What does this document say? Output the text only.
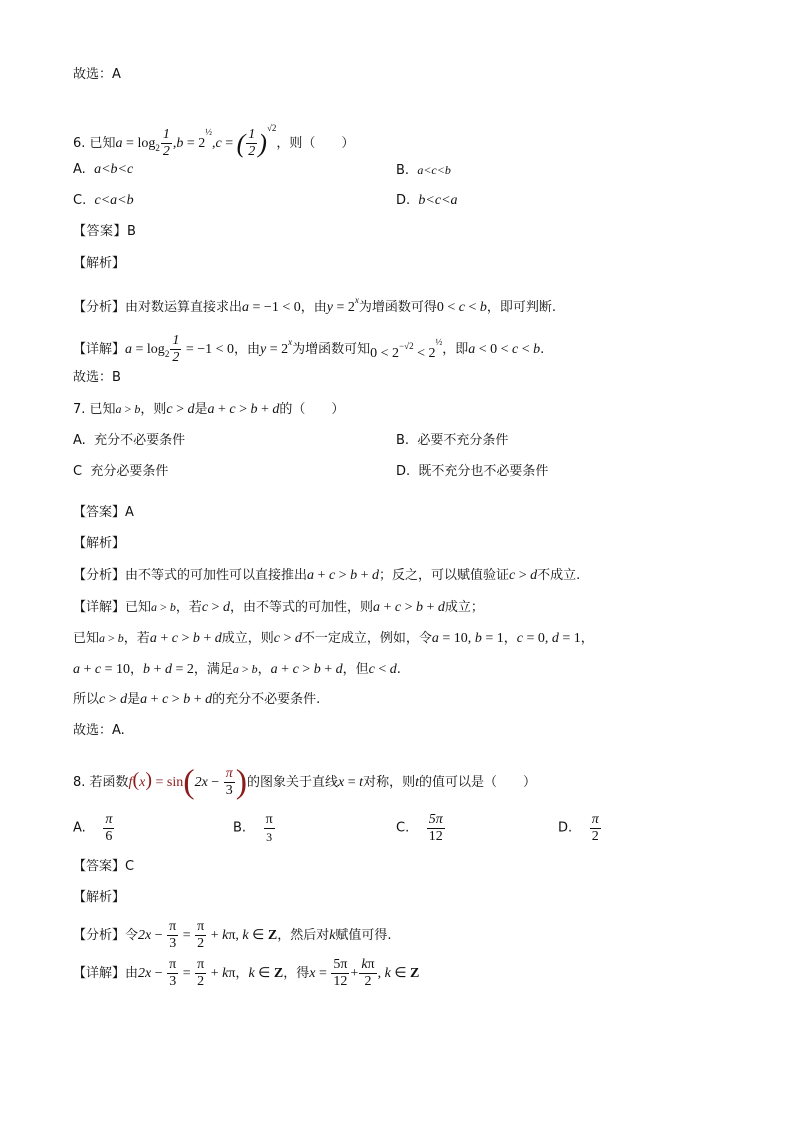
故选：A
6. 已知$a = \log_2 \frac{1}{2} ,b = 2^{\frac{1}{2}},c$ = ( $\frac{1}{2} )^{√2}$，则（　　）
A. a<b<c	B. a<c<b
C. c<a<b	D. b<c<a
【答案】B
【解析】
【分析】由对数运算直接求出a = −1 < 0，由$y = 2^x$为增函数可得0 < c < b，即可判断.
【详解】$a = \log_2 \frac{1}{2} = -1 < 0$，由$y = 2^x$为增函数可知$0 < 2^{-√2} < 2^{\frac{1}{2}}$，即a < 0 < c < b.
故选：B
7. 已知a > b，则c > d是a + c > b + d的（　　）
A. 充分不必要条件	B. 必要不充分条件
C 充分必要条件	D. 既不充分也不必要条件
【答案】A
【解析】
【分析】由不等式的可加性可以直接推出a + c > b + d；反之，可以赋值验证c > d不成立.
【详解】已知a > b，若c > d，由不等式的可加性，则a + c > b + d成立；
已知a > b，若a + c > b + d成立，则c > d不一定成立，例如，令a = 10, b = 1，c = 0, d = 1，
a + c = 10，b + d = 2，满足a > b，a + c > b + d，但c < d.
所以c > d是a + c > b + d的充分不必要条件.
故选：A.
8. 若函数$f(x) = \sin(2x - \frac{\pi}{3}$ )的图象关于直线x = t对称，则t的值可以是（　　）
A. $\frac{\pi}{6}$	B. $\frac{\pi}{3}$	C. $\frac{5\pi}{12}$	D. $\frac{\pi}{2}$
【答案】C
【解析】
【分析】令$2x - \frac{\pi}{3} = \frac{\pi}{2} + k\pi$, k ∈ Z，然后对k赋值可得.
【详解】由$2x - \frac{\pi}{3} = \frac{\pi}{2} + k\pi$，k ∈ Z，得$x = \frac{5\pi}{12} + \frac{k\pi}{2}$ , k ∈ Z
